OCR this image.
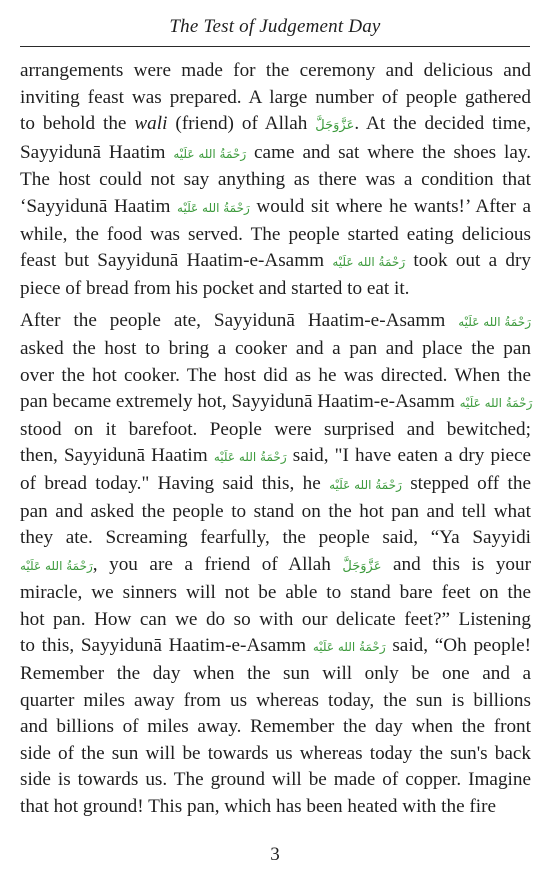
The Test of Judgement Day

arrangements were made for the ceremony and delicious and

inviting feast was prepared. A large number of people gathered

to behold the wali (friend) of Allah عَزَّوَجَلَّ. At the decided time,

Sayyidunā Haatim رَحْمَةُ الله عَلَيْه came and sat where the shoes lay.

The host could not say anything as there was a condition that

‘Sayyidunā Haatim رَحْمَةُ الله عَلَيْه would sit where he wants!’ After a

while, the food was served. The people started eating delicious

feast but Sayyidunā Haatim-e-Asamm رَحْمَةُ الله عَلَيْه took out a dry

piece of bread from his pocket and started to eat it.

After the people ate, Sayyidunā Haatim-e-Asamm رَحْمَةُ الله عَلَيْه

asked the host to bring a cooker and a pan and place the pan

over the hot cooker. The host did as he was directed. When the

pan became extremely hot, Sayyidunā Haatim-e-Asamm رَحْمَةُ الله عَلَيْه

stood on it barefoot. People were surprised and bewitched;

then, Sayyidunā Haatim رَحْمَةُ الله عَلَيْه said, "I have eaten a dry piece

of bread today." Having said this, he رَحْمَةُ الله عَلَيْه stepped off the

pan and asked the people to stand on the hot pan and tell what

they ate. Screaming fearfully, the people said, “Ya Sayyidi

رَحْمَةُ الله عَلَيْه, you are a friend of Allah عَزَّوَجَلَّ and this is your

miracle, we sinners will not be able to stand bare feet on the

hot pan. How can we do so with our delicate feet?” Listening

to this, Sayyidunā Haatim-e-Asamm رَحْمَةُ الله عَلَيْه said, “Oh people!

Remember the day when the sun will only be one and a

quarter miles away from us whereas today, the sun is billions

and billions of miles away. Remember the day when the front

side of the sun will be towards us whereas today the sun's back

side is towards us. The ground will be made of copper. Imagine

that hot ground! This pan, which has been heated with the fire

3
